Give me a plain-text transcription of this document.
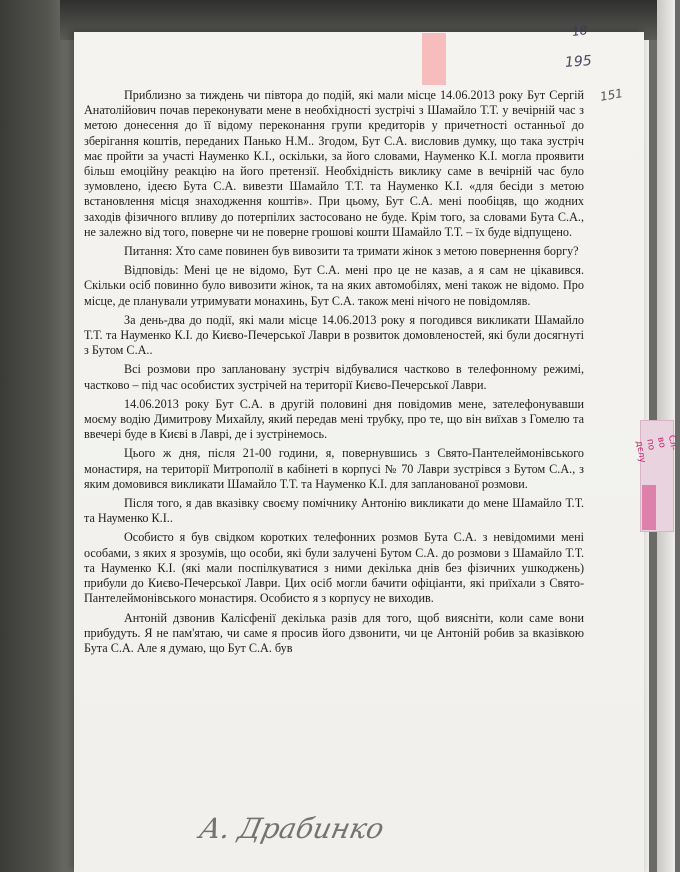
18
195
151
Сл-во по дєлу

Приблизно за тиждень чи півтора до подій, які мали місце 14.06.2013 року Бут Сергій Анатолійович почав переконувати мене в необхідності зустрічі з Шамайло Т.Т. у вечірній час з метою донесення до її відому переконання групи кредиторів у причетності останньої до зберігання коштів, переданих Панько Н.М.. Згодом, Бут С.А. висловив думку, що така зустріч має пройти за участі Науменко К.І., оскільки, за його словами, Науменко К.І. могла проявити більш емоційну реакцію на його претензії. Необхідність виклику саме в вечірній час було зумовлено, ідеєю Бута С.А. вивезти Шамайло Т.Т. та Науменко К.І. «для бесіди з метою встановлення місця знаходження коштів». При цьому, Бут С.А. мені пообіцяв, що жодних заходів фізичного впливу до потерпілих застосовано не буде. Крім того, за словами Бута С.А., не залежно від того, поверне чи не поверне грошові кошти Шамайло Т.Т. – їх буде відпущено.

Питання: Хто саме повинен був вивозити та тримати жінок з метою повернення боргу?

Відповідь: Мені це не відомо, Бут С.А. мені про це не казав, а я сам не цікавився. Скільки осіб повинно було вивозити жінок, та на яких автомобілях, мені також не відомо. Про місце, де планували утримувати монахинь, Бут С.А. також мені нічого не повідомляв.

За день-два до події, які мали місце 14.06.2013 року я погодився викликати Шамайло Т.Т. та Науменко К.І. до Києво-Печерської Лаври в розвиток домовленостей, які були досягнуті з Бутом С.А..

Всі розмови про заплановану зустріч відбувалися частково в телефонному режимі, частково – під час особистих зустрічей на території Києво-Печерської Лаври.

14.06.2013 року Бут С.А. в другій половині дня повідомив мене, зателефонувавши моєму водію Димитрову Михайлу, який передав мені трубку, про те, що він виїхав з Гомелю та ввечері буде в Києві в Лаврі, де і зустрінемось.

Цього ж дня, після 21-00 години, я, повернувшись з Свято-Пантелеймонівського монастиря, на території Митрополії в кабінеті в корпусі № 70 Лаври зустрівся з Бутом С.А., з яким домовився викликати Шамайло Т.Т. та Науменко К.І. для запланованої розмови.

Після того, я дав вказівку своєму помічнику Антонію викликати до мене Шамайло Т.Т. та Науменко К.І..

Особисто я був свідком коротких телефонних розмов Бута С.А. з невідомими мені особами, з яких я зрозумів, що особи, які були залучені Бутом С.А. до розмови з Шамайло Т.Т. та Науменко К.І. (які мали поспілкуватися з ними декілька днів без фізичних ушкоджень) прибули до Києво-Печерської Лаври. Цих осіб могли бачити офіціанти, які приїхали з Свято-Пантелеймонівського монастиря. Особисто я з корпусу не виходив.

Антоній дзвонив Калісфенії декілька разів для того, щоб виясніти, коли саме вони прибудуть. Я не пам'ятаю, чи саме я просив його дзвонити, чи це Антоній робив за вказівкою Бута С.А. Але я думаю, що Бут С.А. був

А. Драбинко
